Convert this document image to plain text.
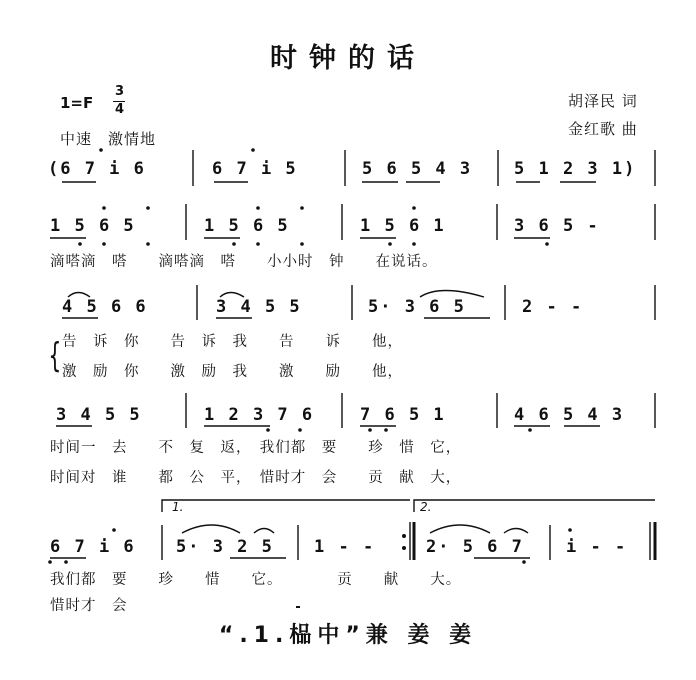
时钟的话
1=F
3
4
中速　激情地
胡泽民 词
金红歌 曲
(6 7 i 6	6 7 i 5	5 6 5 4 3 5 1 2 3 1)
1 5 6 5	1 5 6 5	1 5 6 1	3 6 5 -
滴嗒滴　嗒　　滴嗒滴　嗒　　小小时　钟　　在说话。
4 5 6 6	3 4 5 5	5· 3 6 5	2 - -
{ 告　诉　你　　告　诉　我　　告　　诉　　他，
激　励　你　　激　励　我　　激　　励　　他，
3 4 5 5	1 2 3 7 6	7 6 5 1	4 6 5 4 3
时间一　去　　不　复　返，　我们都　要　　珍　惜　它，
时间对　谁　　都　公　平，　惜时才　会　　贡　献　大，
1.	2.
6 7 i 6 5· 3 2 5 1 - -	2· 5 6 7 i - -
我们都　要　　珍　　惜　　它。　　　　贡　　献　　大。
惜时才　会
“.1.榀中”兼 姜 姜
